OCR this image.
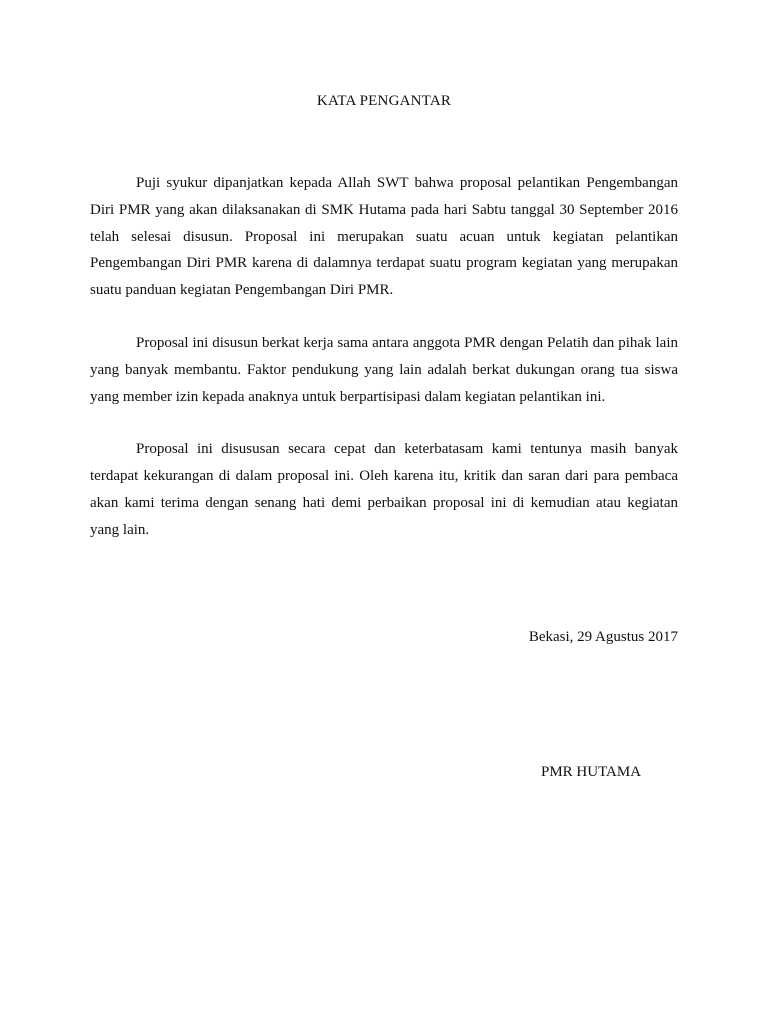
KATA PENGANTAR

Puji syukur dipanjatkan kepada Allah SWT bahwa proposal pelantikan Pengembangan Diri PMR yang akan dilaksanakan di SMK Hutama pada hari Sabtu tanggal 30 September 2016 telah selesai disusun. Proposal ini merupakan suatu acuan untuk kegiatan pelantikan Pengembangan Diri PMR karena di dalamnya terdapat suatu program kegiatan yang merupakan suatu panduan kegiatan Pengembangan Diri PMR.

Proposal ini disusun berkat kerja sama antara anggota PMR dengan Pelatih dan pihak lain yang banyak membantu. Faktor pendukung yang lain adalah berkat dukungan orang tua siswa yang member izin kepada anaknya untuk berpartisipasi dalam kegiatan pelantikan ini.

Proposal ini disususan secara cepat dan keterbatasam kami tentunya masih banyak terdapat kekurangan di dalam proposal ini. Oleh karena itu, kritik dan saran dari para pembaca akan kami terima dengan senang hati demi perbaikan proposal ini di kemudian atau kegiatan yang lain.

Bekasi, 29 Agustus 2017
PMR HUTAMA
